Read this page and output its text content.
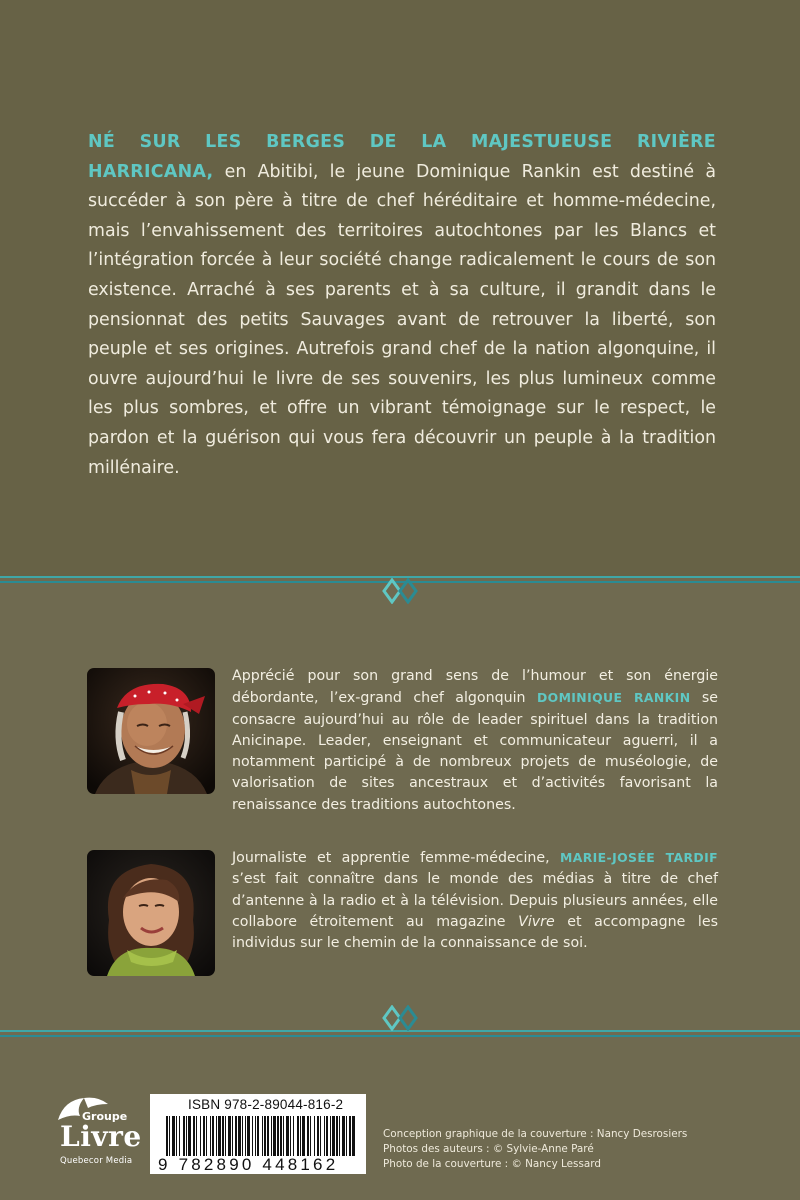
NÉ SUR LES BERGES DE LA MAJESTUEUSE RIVIÈRE HARRICANA, en Abitibi, le jeune Dominique Rankin est destiné à succéder à son père à titre de chef héréditaire et homme-médecine, mais l’envahissement des territoires autochtones par les Blancs et l’intégration forcée à leur société change radicalement le cours de son existence. Arraché à ses parents et à sa culture, il grandit dans le pensionnat des petits Sauvages avant de retrouver la liberté, son peuple et ses origines. Autrefois grand chef de la nation algonquine, il ouvre aujourd’hui le livre de ses souvenirs, les plus lumineux comme les plus sombres, et offre un vibrant témoignage sur le respect, le pardon et la guérison qui vous fera découvrir un peuple à la tradition millénaire.
Apprécié pour son grand sens de l’humour et son énergie débordante, l’ex-grand chef algonquin DOMINIQUE RANKIN se consacre aujourd’hui au rôle de leader spirituel dans la tradition Anicinape. Leader, enseignant et communicateur aguerri, il a notamment participé à de nombreux projets de muséologie, de valorisation de sites ancestraux et d’activités favorisant la renaissance des traditions autochtones.
Journaliste et apprentie femme-médecine, MARIE-JOSÉE TARDIF s’est fait connaître dans le monde des médias à titre de chef d’antenne à la radio et à la télévision. Depuis plusieurs années, elle collabore étroitement au magazine Vivre et accompagne les individus sur le chemin de la connaissance de soi.
Groupe
Livre
Quebecor Media
ISBN 978-2-89044-816-2
9 782890 448162
Conception graphique de la couverture : Nancy Desrosiers
Photos des auteurs : © Sylvie-Anne Paré
Photo de la couverture : © Nancy Lessard
